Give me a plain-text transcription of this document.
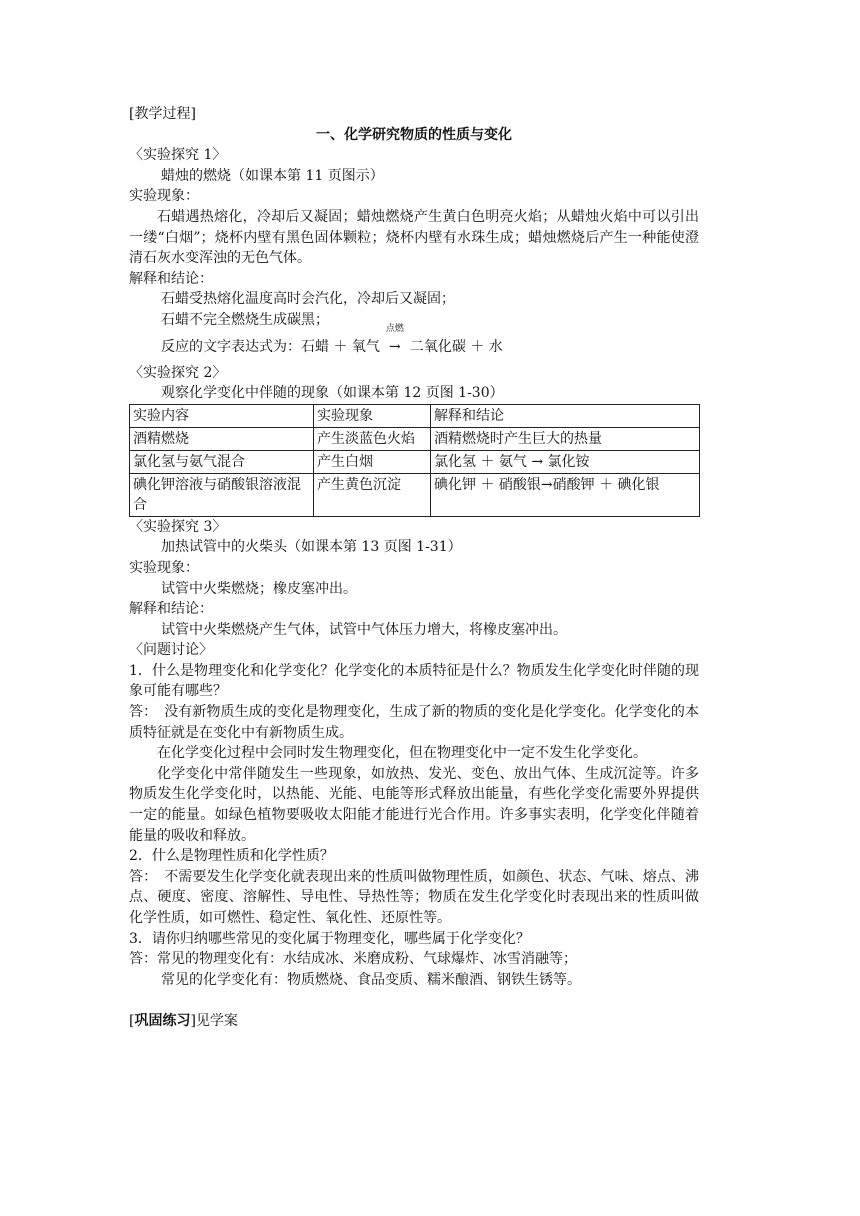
[教学过程]
一、化学研究物质的性质与变化
〈实验探究 1〉
蜡烛的燃烧（如课本第 11 页图示）
实验现象：
石蜡遇热熔化，冷却后又凝固；蜡烛燃烧产生黄白色明亮火焰；从蜡烛火焰中可以引出一缕“白烟”；烧杯内壁有黑色固体颗粒；烧杯内壁有水珠生成；蜡烛燃烧后产生一种能使澄清石灰水变浑浊的无色气体。
解释和结论：
石蜡受热熔化温度高时会汽化，冷却后又凝固；
石蜡不完全燃烧生成碳黑；
反应的文字表达式为：石蜡 ＋ 氧气
点燃
→ 二氧化碳 ＋ 水
〈实验探究 2〉
观察化学变化中伴随的现象（如课本第 12 页图 1-30）
实验内容	实验现象	解释和结论
酒精燃烧	产生淡蓝色火焰	酒精燃烧时产生巨大的热量
氯化氢与氨气混合	产生白烟	氯化氢 ＋ 氨气 → 氯化铵
碘化钾溶液与硝酸银溶液混合	产生黄色沉淀	碘化钾 ＋ 硝酸银→硝酸钾 ＋ 碘化银
〈实验探究 3〉
加热试管中的火柴头（如课本第 13 页图 1-31）
实验现象：
试管中火柴燃烧；橡皮塞冲出。
解释和结论：
试管中火柴燃烧产生气体，试管中气体压力增大，将橡皮塞冲出。
〈问题讨论〉
1．什么是物理变化和化学变化？化学变化的本质特征是什么？物质发生化学变化时伴随的现象可能有哪些？
答：　没有新物质生成的变化是物理变化，生成了新的物质的变化是化学变化。化学变化的本质特征就是在变化中有新物质生成。
在化学变化过程中会同时发生物理变化，但在物理变化中一定不发生化学变化。
化学变化中常伴随发生一些现象，如放热、发光、变色、放出气体、生成沉淀等。许多物质发生化学变化时，以热能、光能、电能等形式释放出能量，有些化学变化需要外界提供一定的能量。如绿色植物要吸收太阳能才能进行光合作用。许多事实表明，化学变化伴随着能量的吸收和释放。
2．什么是物理性质和化学性质？
答：　不需要发生化学变化就表现出来的性质叫做物理性质，如颜色、状态、气味、熔点、沸点、硬度、密度、溶解性、导电性、导热性等；物质在发生化学变化时表现出来的性质叫做化学性质，如可燃性、稳定性、氧化性、还原性等。
3．请你归纳哪些常见的变化属于物理变化，哪些属于化学变化？
答：常见的物理变化有：水结成冰、米磨成粉、气球爆炸、冰雪消融等；
常见的化学变化有：物质燃烧、食品变质、糯米酿酒、钢铁生锈等。
[巩固练习]见学案
